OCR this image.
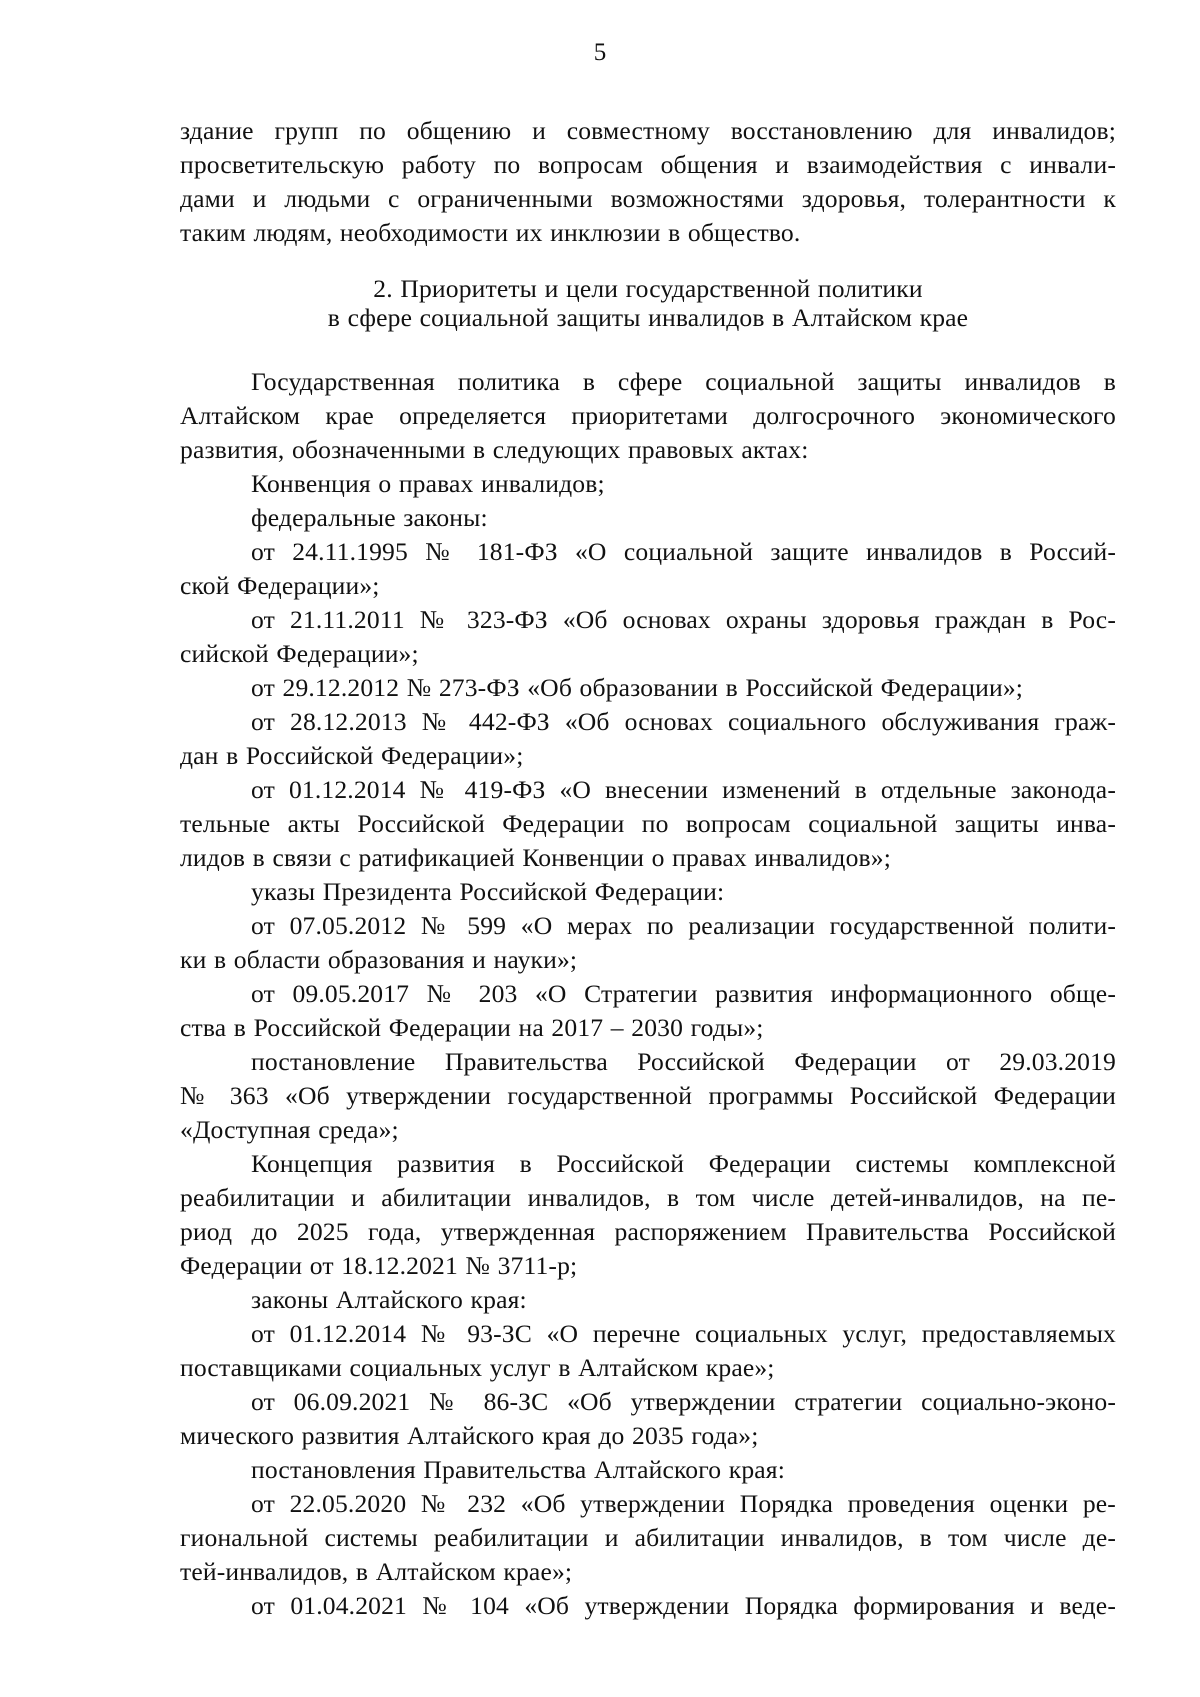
5
здание групп по общению и совместному восстановлению для инвалидов;
просветительскую работу по вопросам общения и взаимодействия с инвали-
дами и людьми с ограниченными возможностями здоровья, толерантности к
таким людям, необходимости их инклюзии в общество.
2. Приоритеты и цели государственной политики
в сфере социальной защиты инвалидов в Алтайском крае
Государственная политика в сфере социальной защиты инвалидов в
Алтайском крае определяется приоритетами долгосрочного экономического
развития, обозначенными в следующих правовых актах:
Конвенция о правах инвалидов;
федеральные законы:
от 24.11.1995 № 181-ФЗ «О социальной защите инвалидов в Россий-
ской Федерации»;
от 21.11.2011 № 323-ФЗ «Об основах охраны здоровья граждан в Рос-
сийской Федерации»;
от 29.12.2012 № 273-ФЗ «Об образовании в Российской Федерации»;
от 28.12.2013 № 442-ФЗ «Об основах социального обслуживания граж-
дан в Российской Федерации»;
от 01.12.2014 № 419-ФЗ «О внесении изменений в отдельные законода-
тельные акты Российской Федерации по вопросам социальной защиты инва-
лидов в связи с ратификацией Конвенции о правах инвалидов»;
указы Президента Российской Федерации:
от 07.05.2012 № 599 «О мерах по реализации государственной полити-
ки в области образования и науки»;
от 09.05.2017 № 203 «О Стратегии развития информационного обще-
ства в Российской Федерации на 2017 – 2030 годы»;
постановление Правительства Российской Федерации от 29.03.2019
№ 363 «Об утверждении государственной программы Российской Федерации
«Доступная среда»;
Концепция развития в Российской Федерации системы комплексной
реабилитации и абилитации инвалидов, в том числе детей-инвалидов, на пе-
риод до 2025 года, утвержденная распоряжением Правительства Российской
Федерации от 18.12.2021 № 3711-р;
законы Алтайского края:
от 01.12.2014 № 93-ЗС «О перечне социальных услуг, предоставляемых
поставщиками социальных услуг в Алтайском крае»;
от 06.09.2021 № 86-ЗС «Об утверждении стратегии социально-эконо-
мического развития Алтайского края до 2035 года»;
постановления Правительства Алтайского края:
от 22.05.2020 № 232 «Об утверждении Порядка проведения оценки ре-
гиональной системы реабилитации и абилитации инвалидов, в том числе де-
тей-инвалидов, в Алтайском крае»;
от 01.04.2021 № 104 «Об утверждении Порядка формирования и веде-
